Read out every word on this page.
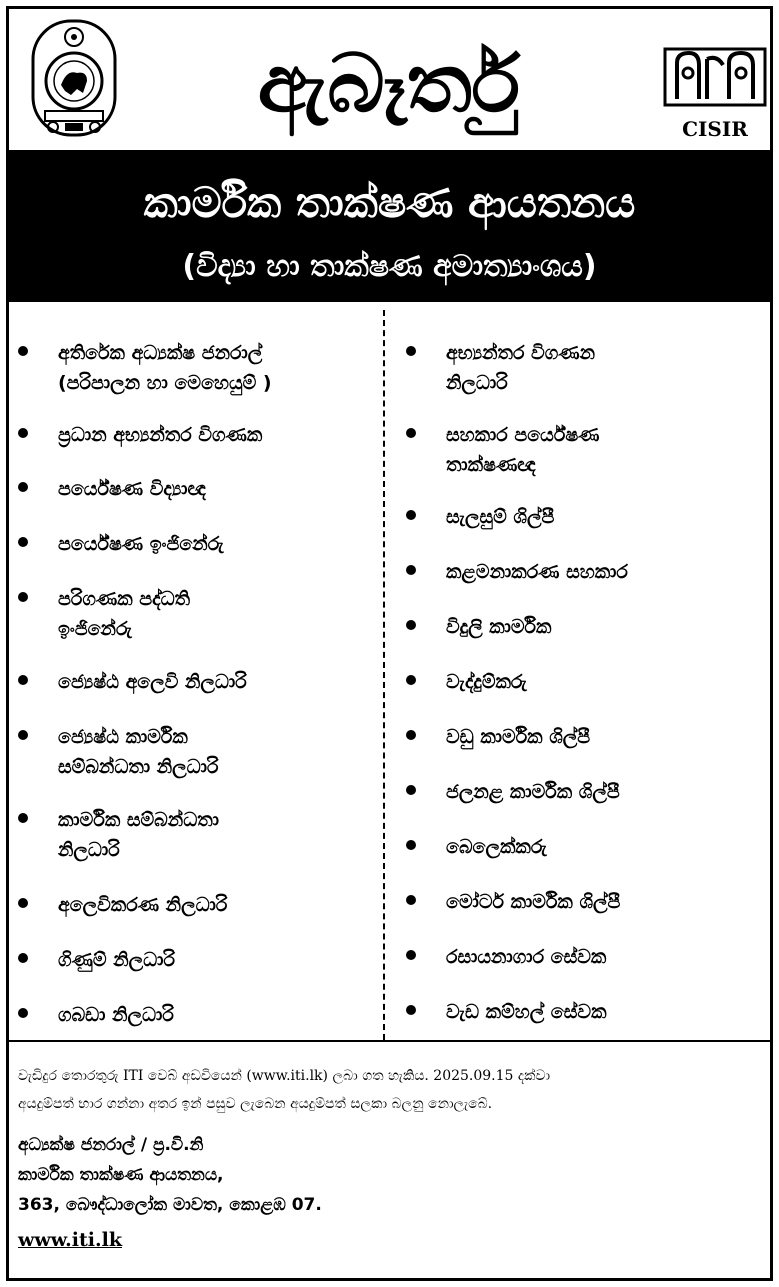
ඇබෑර්තු	CISIR
කාර්මික තාක්ෂණ ආයතනය
(විද්‍යා හා තාක්ෂණ අමාත්‍යාංශය)
අතිරේක අධ්‍යක්ෂ ජනරාල්
(පරිපාලන හා මෙහෙයුම් )
ප්‍රධාන අභ්‍යන්තර විගණක
පර්යේෂණ විද්‍යාඥ
පර්යේෂණ ඉංජිනේරු
පරිගණක පද්ධති
ඉංජිනේරු
ජ්‍යෙෂ්ඨ අලෙවි නිලධාරි
ජ්‍යෙෂ්ඨ කාර්මික
සම්බන්ධතා නිලධාරි
කාර්මික සම්බන්ධතා
නිලධාරි
අලෙවිකරණ නිලධාරි
ගිණුම් නිලධාරි
ගබඩා නිලධාරි
අභ්‍යන්තර විගණන
නිලධාරි
සහකාර පර්යේෂණ
තාක්ෂණඥ
සැලසුම් ශිල්පී
කළමනාකරණ සහකාර
විදුලි කාර්මික
වැද්දුම්කරු
වඩු කාර්මික ශිල්පී
ජලනළ කාර්මික ශිල්පී
බෙලෙක්කරු
මෝටර් කාර්මික ශිල්පී
රසායනාගාර සේවක
වැඩ කම්හල් සේවක
වැඩිදුර තොරතුරු ITI වෙබ් අඩවියෙන් (www.iti.lk) ලබා ගත හැකිය. 2025.09.15 දක්වා
අයදුම්පත් භාර ගන්නා අතර ඉන් පසුව ලැබෙන අයදුම්පත් සලකා බලනු නොලැබේ.
අධ්‍යක්ෂ ජනරාල් / ප්‍ර.වි.නි
කාර්මික තාක්ෂණ ආයතනය,
363, බෞද්ධාලෝක මාවත, කොළඹ 07.
www.iti.lk
